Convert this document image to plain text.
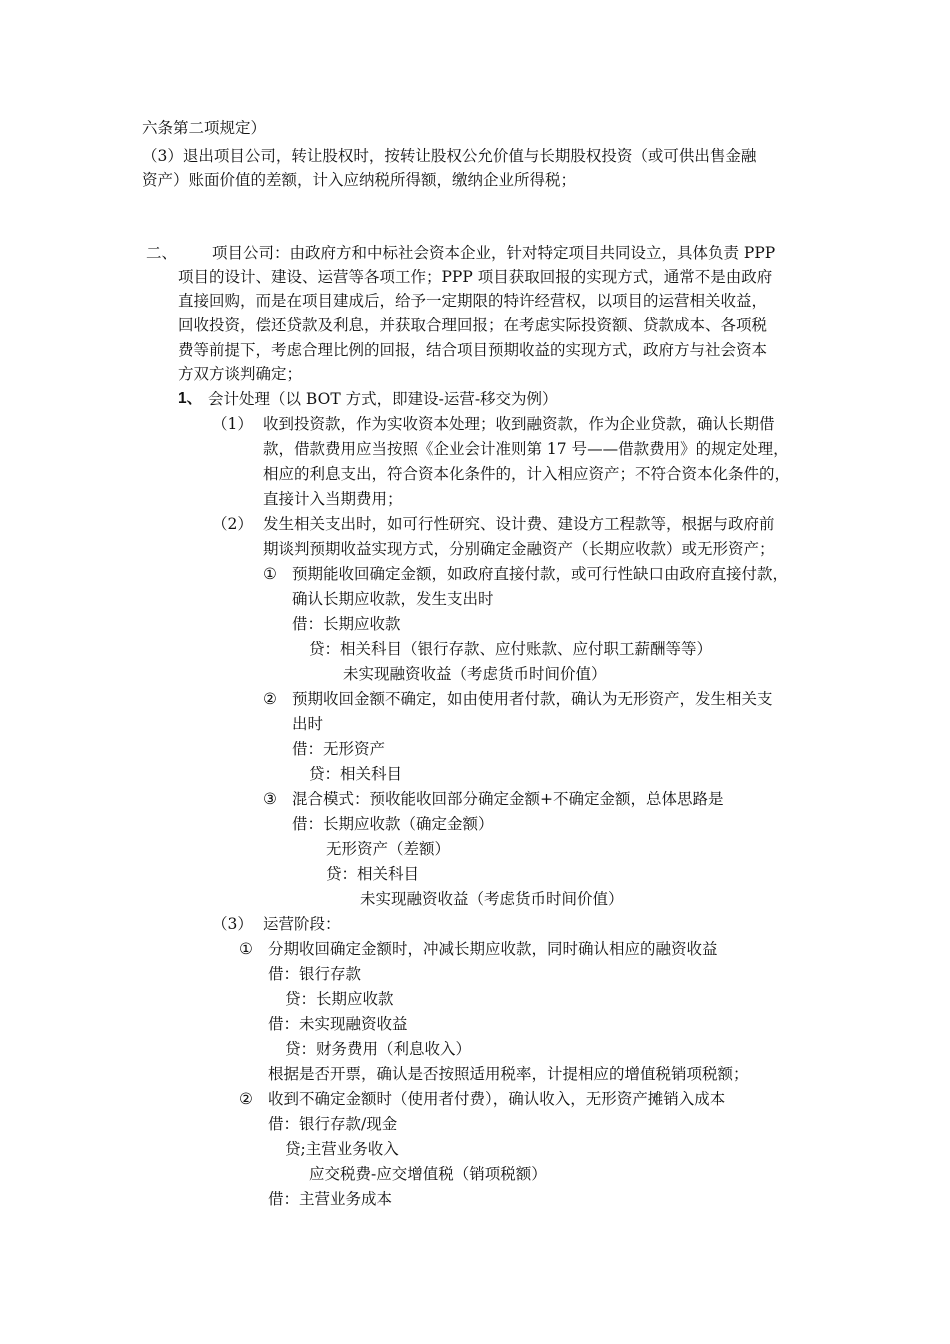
六条第二项规定）
（3）退出项目公司，转让股权时，按转让股权公允价值与长期股权投资（或可供出售金融
资产）账面价值的差额，计入应纳税所得额，缴纳企业所得税；
二、 项目公司：由政府方和中标社会资本企业，针对特定项目共同设立，具体负责 PPP
项目的设计、建设、运营等各项工作；PPP 项目获取回报的实现方式，通常不是由政府
直接回购，而是在项目建成后，给予一定期限的特许经营权，以项目的运营相关收益，
回收投资，偿还贷款及利息，并获取合理回报；在考虑实际投资额、贷款成本、各项税
费等前提下，考虑合理比例的回报，结合项目预期收益的实现方式，政府方与社会资本
方双方谈判确定；
1、 会计处理（以 BOT 方式，即建设-运营-移交为例）
（1） 收到投资款，作为实收资本处理；收到融资款，作为企业贷款，确认长期借
款，借款费用应当按照《企业会计准则第 17 号——借款费用》的规定处理，
相应的利息支出，符合资本化条件的，计入相应资产；不符合资本化条件的，
直接计入当期费用；
（2） 发生相关支出时，如可行性研究、设计费、建设方工程款等，根据与政府前
期谈判预期收益实现方式，分别确定金融资产（长期应收款）或无形资产；
① 预期能收回确定金额，如政府直接付款，或可行性缺口由政府直接付款，
确认长期应收款，发生支出时
借：长期应收款
贷：相关科目（银行存款、应付账款、应付职工薪酬等等）
未实现融资收益（考虑货币时间价值）
② 预期收回金额不确定，如由使用者付款，确认为无形资产，发生相关支
出时
借：无形资产
贷：相关科目
③ 混合模式：预收能收回部分确定金额+不确定金额，总体思路是
借：长期应收款（确定金额）
无形资产（差额）
贷：相关科目
未实现融资收益（考虑货币时间价值）
（3） 运营阶段：
① 分期收回确定金额时，冲减长期应收款，同时确认相应的融资收益
借：银行存款
贷：长期应收款
借：未实现融资收益
贷：财务费用（利息收入）
根据是否开票，确认是否按照适用税率，计提相应的增值税销项税额；
② 收到不确定金额时（使用者付费），确认收入，无形资产摊销入成本
借：银行存款/现金
贷;主营业务收入
应交税费-应交增值税（销项税额）
借：主营业务成本
